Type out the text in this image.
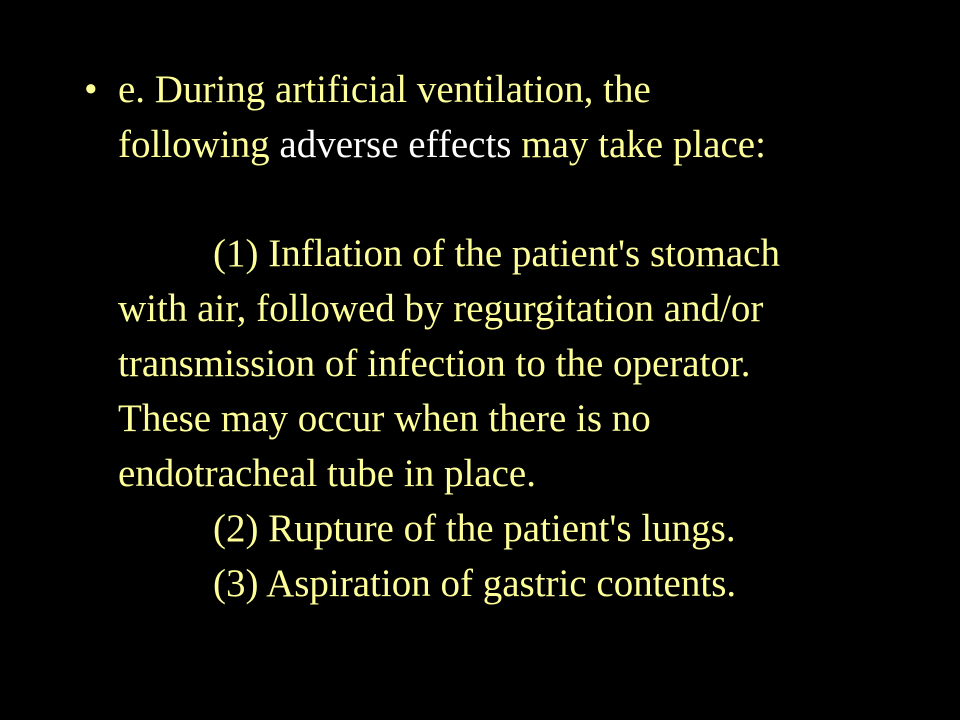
• e. During artificial ventilation, the
following adverse effects may take place:
(1) Inflation of the patient's stomach
with air, followed by regurgitation and/or
transmission of infection to the operator.
These may occur when there is no
endotracheal tube in place.
(2) Rupture of the patient's lungs.
(3) Aspiration of gastric contents.
